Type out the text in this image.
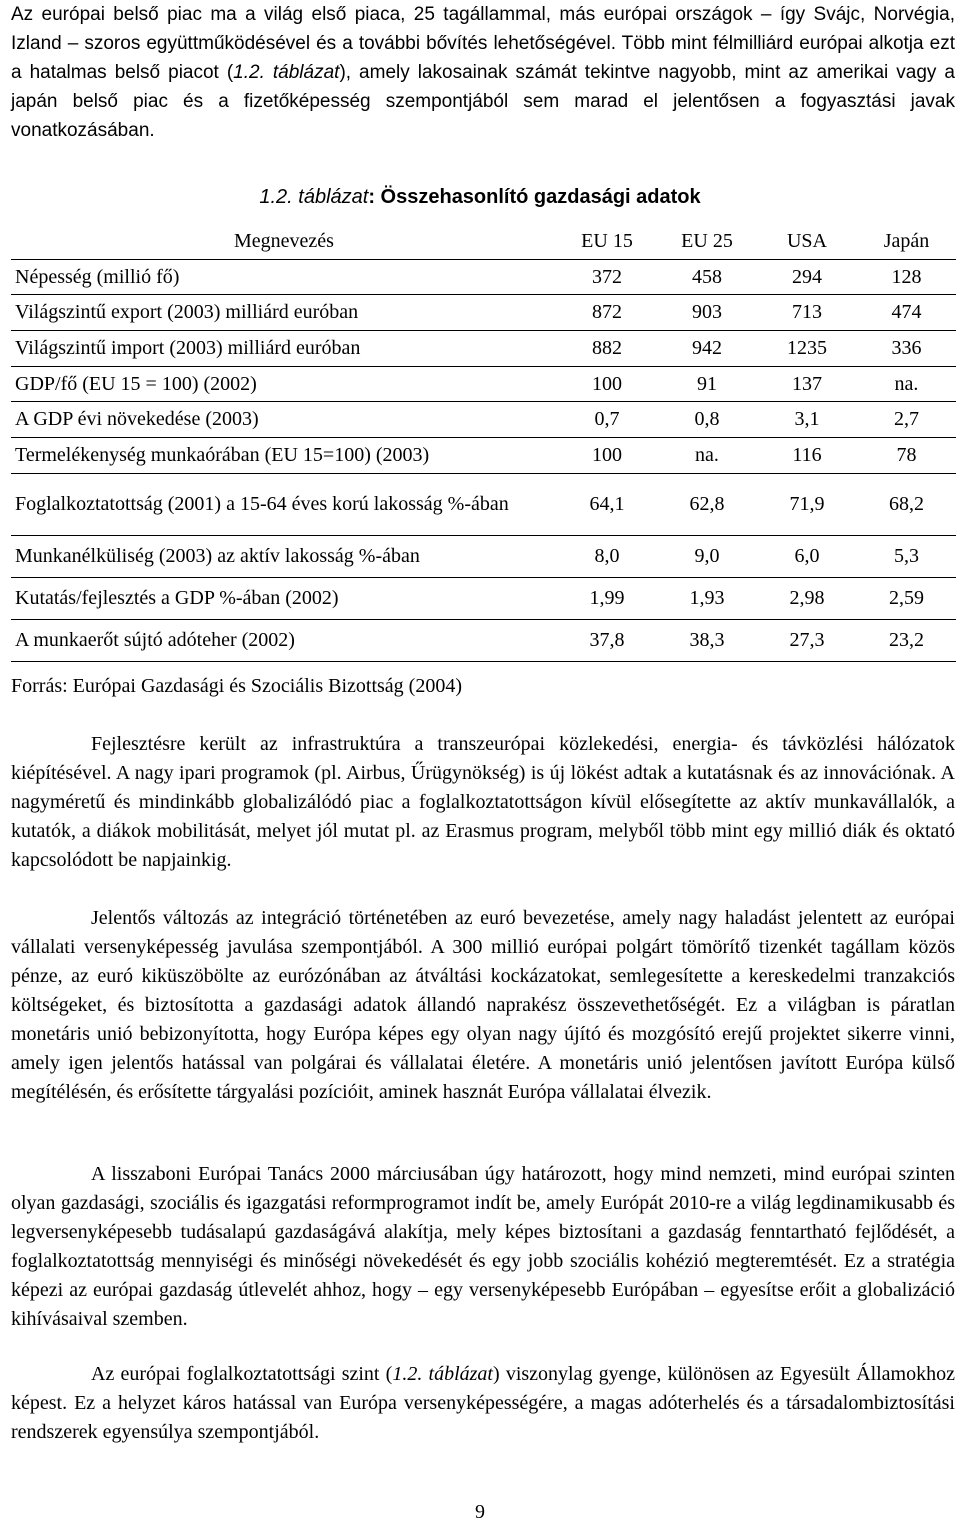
Az európai belső piac ma a világ első piaca, 25 tagállammal, más európai országok – így Svájc, Norvégia, Izland – szoros együttműködésével és a további bővítés lehetőségével. Több mint félmilliárd európai alkotja ezt a hatalmas belső piacot (1.2. táblázat), amely lakosainak számát tekintve nagyobb, mint az amerikai vagy a japán belső piac és a fizetőképesség szempontjából sem marad el jelentősen a fogyasztási javak vonatkozásában.

1.2. táblázat: Összehasonlító gazdasági adatok
Megnevezés	EU 15	EU 25	USA	Japán
Népesség (millió fő)	372	458	294	128
Világszintű export (2003) milliárd euróban	872	903	713	474
Világszintű import (2003) milliárd euróban	882	942	1235	336
GDP/fő (EU 15 = 100) (2002)	100	91	137	na.
A GDP évi növekedése (2003)	0,7	0,8	3,1	2,7
Termelékenység munkaórában (EU 15=100) (2003)	100	na.	116	78
Foglalkoztatottság (2001) a 15-64 éves korú lakosság %-ában	64,1	62,8	71,9	68,2
Munkanélküliség (2003) az aktív lakosság %-ában	8,0	9,0	6,0	5,3
Kutatás/fejlesztés a GDP %-ában (2002)	1,99	1,93	2,98	2,59
A munkaerőt sújtó adóteher (2002)	37,8	38,3	27,3	23,2
Forrás: Európai Gazdasági és Szociális Bizottság (2004)

Fejlesztésre került az infrastruktúra a transzeurópai közlekedési, energia- és távközlési hálózatok kiépítésével. A nagy ipari programok (pl. Airbus, Űrügynökség) is új lökést adtak a kutatásnak és az innovációnak. A nagyméretű és mindinkább globalizálódó piac a foglalkoztatottságon kívül elősegítette az aktív munkavállalók, a kutatók, a diákok mobilitását, melyet jól mutat pl. az Erasmus program, melyből több mint egy millió diák és oktató kapcsolódott be napjainkig.

Jelentős változás az integráció történetében az euró bevezetése, amely nagy haladást jelentett az európai vállalati versenyképesség javulása szempontjából. A 300 millió európai polgárt tömörítő tizenkét tagállam közös pénze, az euró kiküszöbölte az eurózónában az átváltási kockázatokat, semlegesítette a kereskedelmi tranzakciós költségeket, és biztosította a gazdasági adatok állandó naprakész összevethetőségét. Ez a világban is páratlan monetáris unió bebizonyította, hogy Európa képes egy olyan nagy újító és mozgósító erejű projektet sikerre vinni, amely igen jelentős hatással van polgárai és vállalatai életére. A monetáris unió jelentősen javított Európa külső megítélésén, és erősítette tárgyalási pozícióit, aminek hasznát Európa vállalatai élvezik.

A lisszaboni Európai Tanács 2000 márciusában úgy határozott, hogy mind nemzeti, mind európai szinten olyan gazdasági, szociális és igazgatási reformprogramot indít be, amely Európát 2010-re a világ legdinamikusabb és legversenyképesebb tudásalapú gazdaságává alakítja, mely képes biztosítani a gazdaság fenntartható fejlődését, a foglalkoztatottság mennyiségi és minőségi növekedését és egy jobb szociális kohézió megteremtését. Ez a stratégia képezi az európai gazdaság útlevelét ahhoz, hogy – egy versenyképesebb Európában – egyesítse erőit a globalizáció kihívásaival szemben.

Az európai foglalkoztatottsági szint (1.2. táblázat) viszonylag gyenge, különösen az Egyesült Államokhoz képest. Ez a helyzet káros hatással van Európa versenyképességére, a magas adóterhelés és a társadalombiztosítási rendszerek egyensúlya szempontjából.

9
